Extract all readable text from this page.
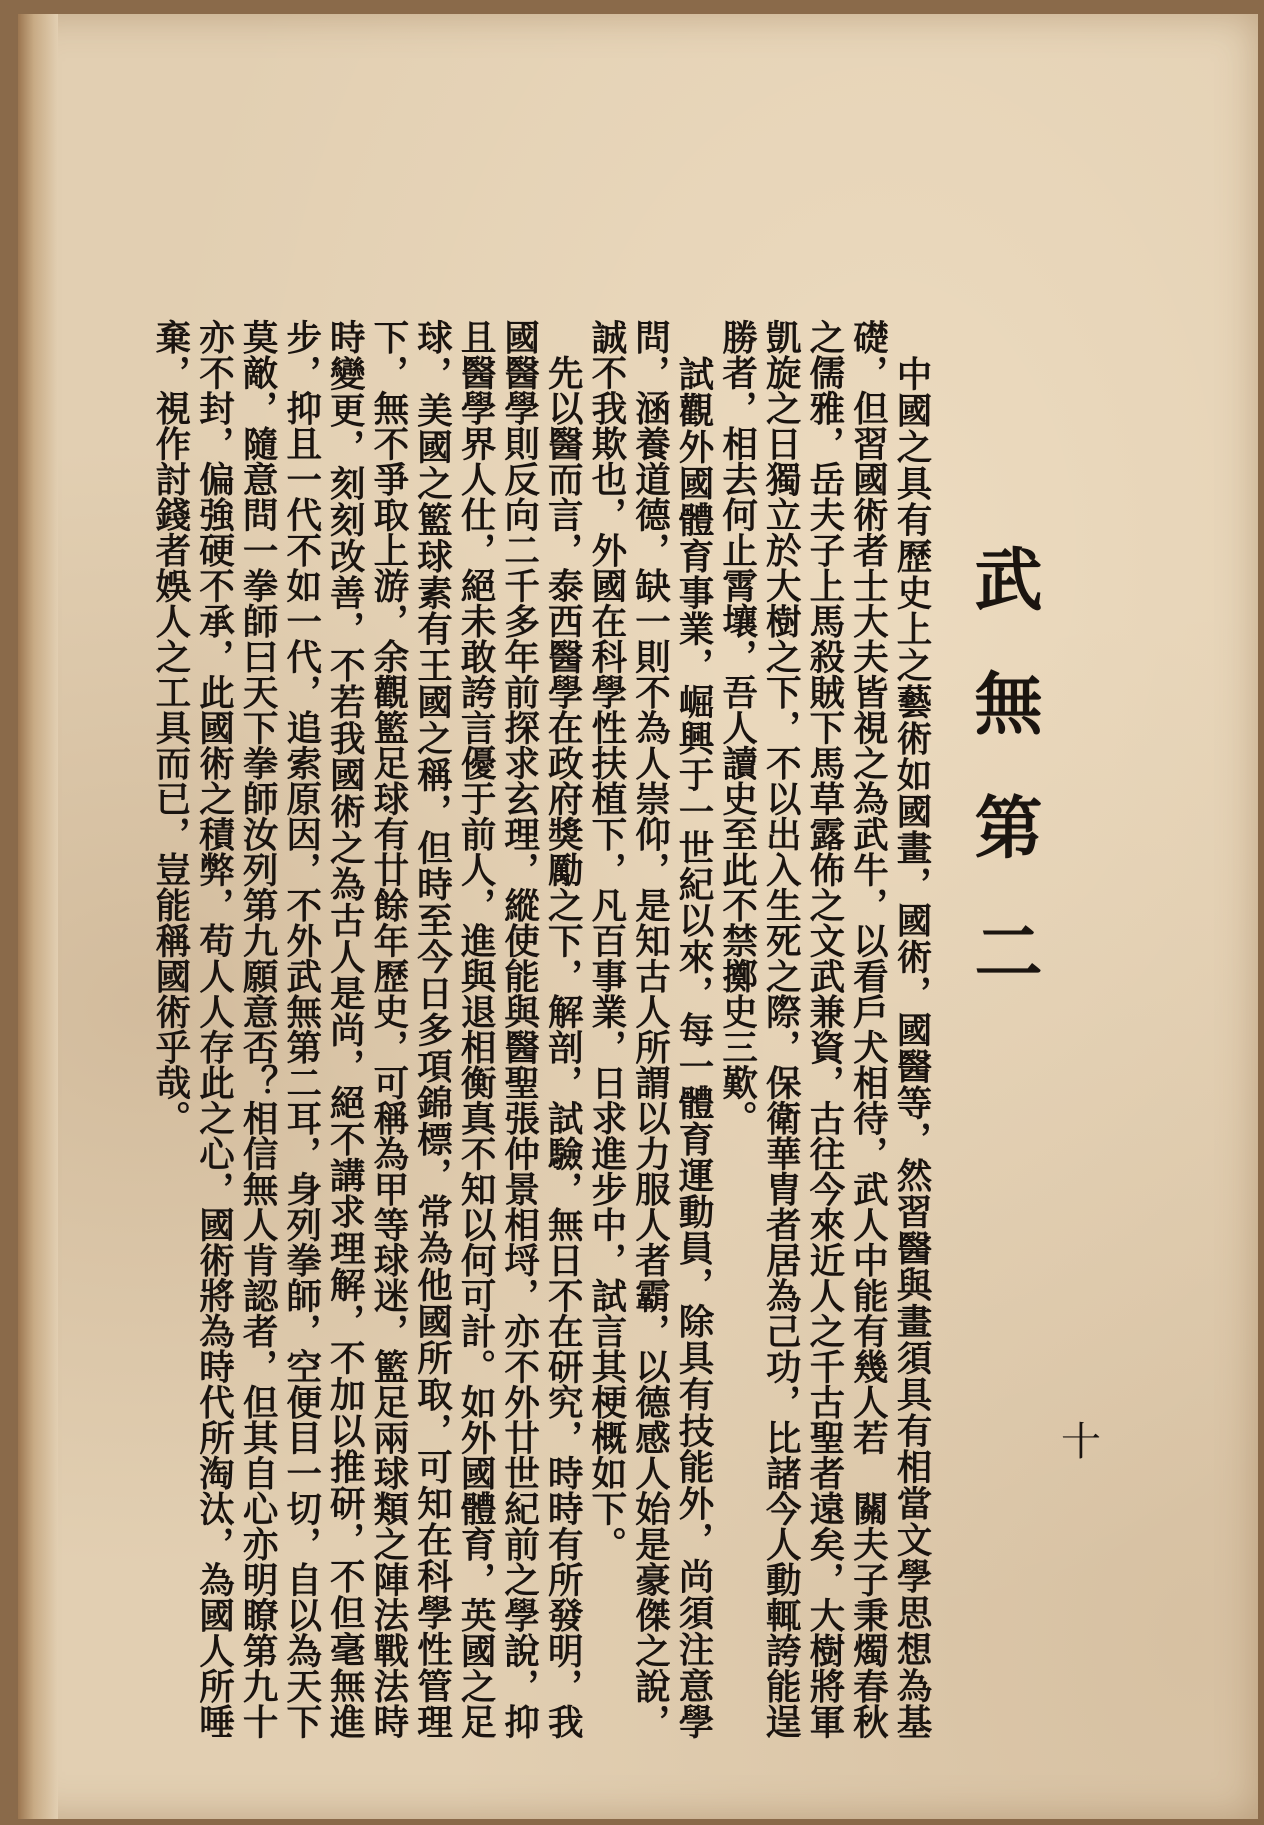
武無第二

　中國之具有歷史上之藝術如國畫，國術，國醫等，然習醫與畫須具有相當文學思想為基礎，但習國術者士大夫皆視之為武牛，以看戶犬相待，武人中能有幾人若　關夫子秉燭春秋之儒雅，岳夫子上馬殺賊下馬草露佈之文武兼資，古往今來近人之千古聖者遠矣，大樹將軍凱旋之日獨立於大樹之下，不以出入生死之際，保衛華胄者居為己功，比諸今人動輒誇能逞勝者，相去何止霄壤，吾人讀史至此不禁擲史三歎。

　試觀外國體育事業，崛興于一世紀以來，每一體育運動員，除具有技能外，尚須注意學問，涵養道德，缺一則不為人崇仰，是知古人所謂以力服人者霸，以德感人始是豪傑之說，誠不我欺也，外國在科學性扶植下，凡百事業，日求進步中，試言其梗概如下。

　先以醫而言，泰西醫學在政府獎勵之下，解剖，試驗，無日不在研究，時時有所發明，我國醫學則反向二千多年前探求玄理，縱使能與醫聖張仲景相埒，亦不外廿世紀前之學說，抑且醫學界人仕，絕未敢誇言優于前人，進與退相衡真不知以何可計。如外國體育，英國之足球，美國之籃球素有王國之稱，但時至今日多項錦標，常為他國所取，可知在科學性管理下，無不爭取上游，余觀籃足球有廿餘年歷史，可稱為甲等球迷，籃足兩球類之陣法戰法時時變更，刻刻改善，不若我國術之為古人是尚，絕不講求理解，不加以推研，不但毫無進步，抑且一代不如一代，追索原因，不外武無第二耳，身列拳師，空便目一切，自以為天下莫敵，隨意問一拳師曰天下拳師汝列第九願意否？相信無人肯認者，但其自心亦明瞭第九十亦不封，偏強硬不承，此國術之積弊，苟人人存此之心，國術將為時代所淘汰，為國人所唾棄，視作討錢者娛人之工具而已，豈能稱國術乎哉。

十
